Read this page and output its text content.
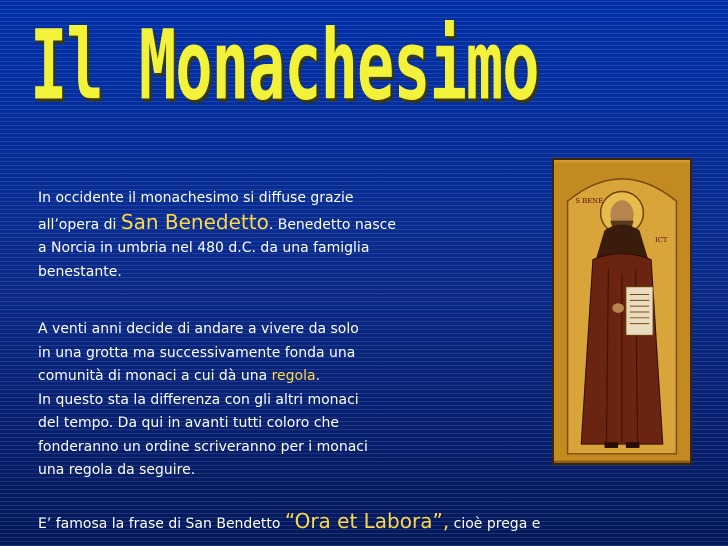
Il Monachesimo
In occidente il monachesimo si diffuse grazie
all’opera di San Benedetto. Benedetto nasce
a Norcia in umbria nel 480 d.C. da una famiglia
benestante.
A venti anni decide di andare a vivere da solo
in una grotta ma successivamente fonda una
comunità di monaci a cui dà una regola.
In questo sta la differenza con gli altri monaci
del tempo. Da qui in avanti tutti coloro che
fonderanno un ordine scriveranno per i monaci
una regola da seguire.
E’ famosa la frase di San Bendetto “Ora et Labora”, cioè prega e
S BENE
ICT
